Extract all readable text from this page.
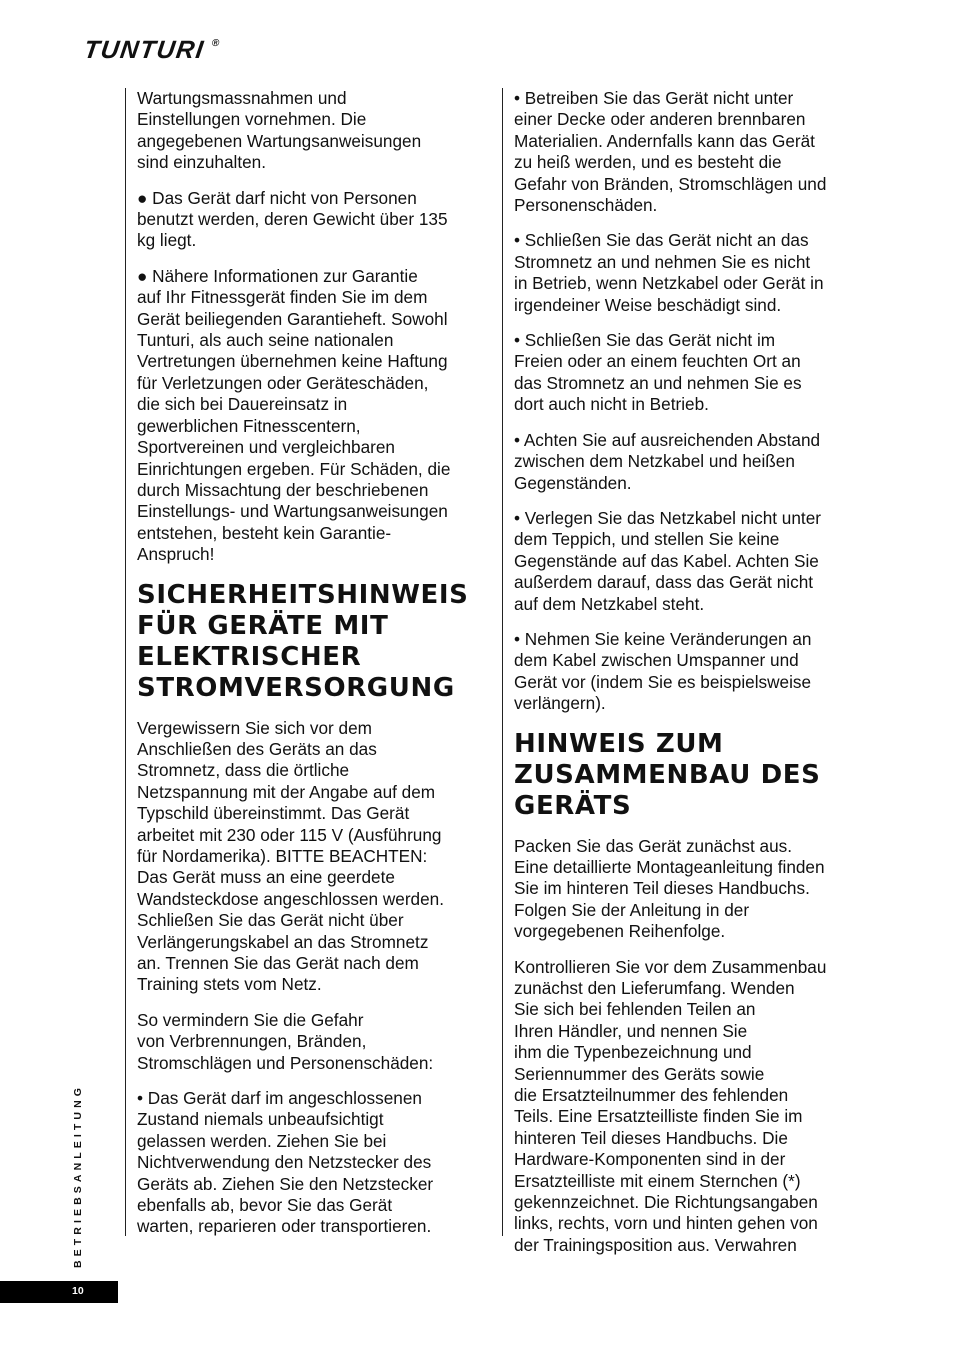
TUNTURI ®

Wartungsmassnahmen und
Einstellungen vornehmen. Die
angegebenen Wartungsanweisungen
sind einzuhalten.

● Das Gerät darf nicht von Personen
benutzt werden, deren Gewicht über 135
kg liegt.

● Nähere Informationen zur Garantie
auf Ihr Fitnessgerät finden Sie im dem
Gerät beiliegenden Garantieheft. Sowohl
Tunturi, als auch seine nationalen
Vertretungen übernehmen keine Haftung
für Verletzungen oder Geräteschäden,
die sich bei Dauereinsatz in
gewerblichen Fitnesscentern,
Sportvereinen und vergleichbaren
Einrichtungen ergeben. Für Schäden, die
durch Missachtung der beschriebenen
Einstellungs- und Wartungsanweisungen
entstehen, besteht kein Garantie-
Anspruch!

SICHERHEITSHINWEIS
FÜR GERÄTE MIT
ELEKTRISCHER
STROMVERSORGUNG

Vergewissern Sie sich vor dem
Anschließen des Geräts an das
Stromnetz, dass die örtliche
Netzspannung mit der Angabe auf dem
Typschild übereinstimmt. Das Gerät
arbeitet mit 230 oder 115 V (Ausführung
für Nordamerika). BITTE BEACHTEN:
Das Gerät muss an eine geerdete
Wandsteckdose angeschlossen werden.
Schließen Sie das Gerät nicht über
Verlängerungskabel an das Stromnetz
an. Trennen Sie das Gerät nach dem
Training stets vom Netz.

So vermindern Sie die Gefahr
von Verbrennungen, Bränden,
Stromschlägen und Personenschäden:

• Das Gerät darf im angeschlossenen
Zustand niemals unbeaufsichtigt
gelassen werden. Ziehen Sie bei
Nichtverwendung den Netzstecker des
Geräts ab. Ziehen Sie den Netzstecker
ebenfalls ab, bevor Sie das Gerät
warten, reparieren oder transportieren.

• Betreiben Sie das Gerät nicht unter
einer Decke oder anderen brennbaren
Materialien. Andernfalls kann das Gerät
zu heiß werden, und es besteht die
Gefahr von Bränden, Stromschlägen und
Personenschäden.

• Schließen Sie das Gerät nicht an das
Stromnetz an und nehmen Sie es nicht
in Betrieb, wenn Netzkabel oder Gerät in
irgendeiner Weise beschädigt sind.

• Schließen Sie das Gerät nicht im
Freien oder an einem feuchten Ort an
das Stromnetz an und nehmen Sie es
dort auch nicht in Betrieb.

• Achten Sie auf ausreichenden Abstand
zwischen dem Netzkabel und heißen
Gegenständen.

• Verlegen Sie das Netzkabel nicht unter
dem Teppich, und stellen Sie keine
Gegenstände auf das Kabel. Achten Sie
außerdem darauf, dass das Gerät nicht
auf dem Netzkabel steht.

• Nehmen Sie keine Veränderungen an
dem Kabel zwischen Umspanner und
Gerät vor (indem Sie es beispielsweise
verlängern).

HINWEIS ZUM
ZUSAMMENBAU DES
GERÄTS

Packen Sie das Gerät zunächst aus.
Eine detaillierte Montageanleitung finden
Sie im hinteren Teil dieses Handbuchs.
Folgen Sie der Anleitung in der
vorgegebenen Reihenfolge.

Kontrollieren Sie vor dem Zusammenbau
zunächst den Lieferumfang. Wenden
Sie sich bei fehlenden Teilen an
Ihren Händler, und nennen Sie
ihm die Typenbezeichnung und
Seriennummer des Geräts sowie
die Ersatzteilnummer des fehlenden
Teils. Eine Ersatzteilliste finden Sie im
hinteren Teil dieses Handbuchs. Die
Hardware-Komponenten sind in der
Ersatzteilliste mit einem Sternchen (*)
gekennzeichnet. Die Richtungsangaben
links, rechts, vorn und hinten gehen von
der Trainingsposition aus. Verwahren

BETRIEBSANLEITUNG
10
